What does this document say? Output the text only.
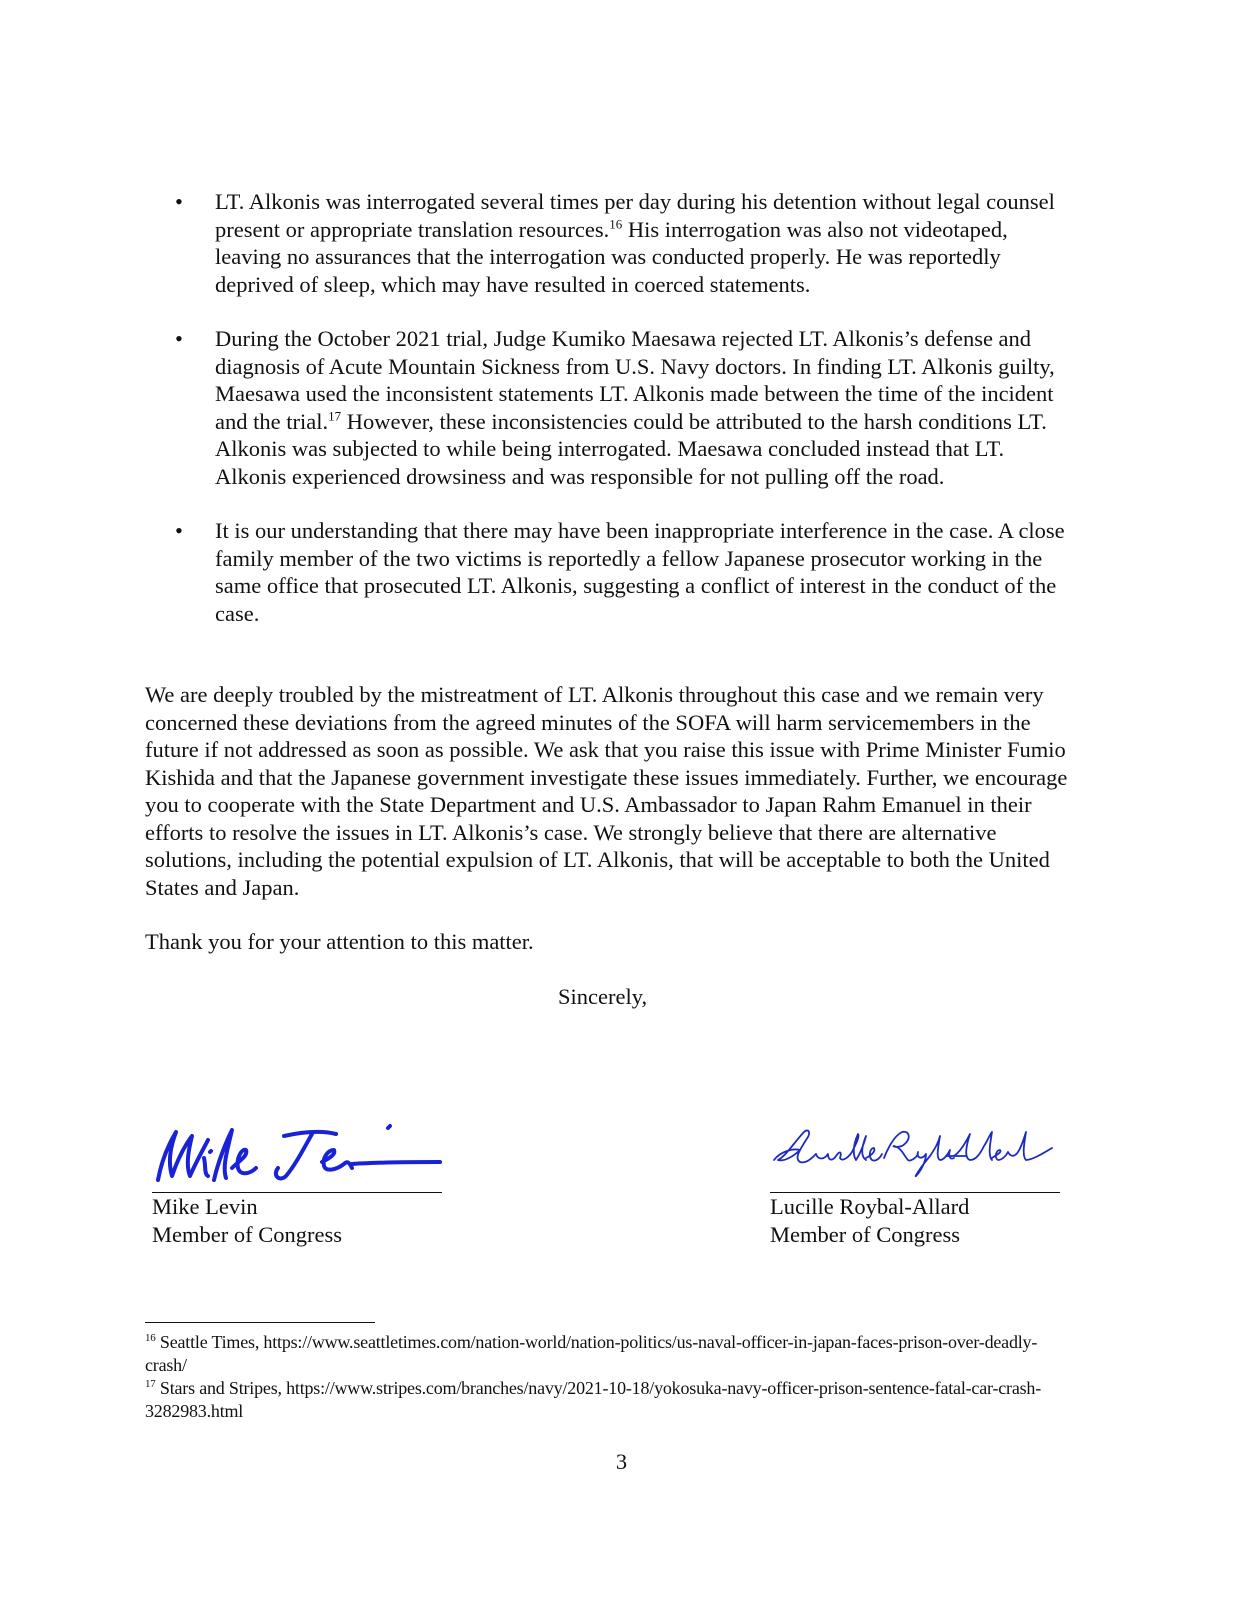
•	LT. Alkonis was interrogated several times per day during his detention without legal counsel present or appropriate translation resources.$^{16}$ His interrogation was also not videotaped, leaving no assurances that the interrogation was conducted properly. He was reportedly deprived of sleep, which may have resulted in coerced statements.
•	During the October 2021 trial, Judge Kumiko Maesawa rejected LT. Alkonis’s defense and diagnosis of Acute Mountain Sickness from U.S. Navy doctors. In finding LT. Alkonis guilty, Maesawa used the inconsistent statements LT. Alkonis made between the time of the incident and the trial.$^{17}$ However, these inconsistencies could be attributed to the harsh conditions LT. Alkonis was subjected to while being interrogated. Maesawa concluded instead that LT. Alkonis experienced drowsiness and was responsible for not pulling off the road.
•	It is our understanding that there may have been inappropriate interference in the case. A close family member of the two victims is reportedly a fellow Japanese prosecutor working in the same office that prosecuted LT. Alkonis, suggesting a conflict of interest in the conduct of the case.

We are deeply troubled by the mistreatment of LT. Alkonis throughout this case and we remain very concerned these deviations from the agreed minutes of the SOFA will harm servicemembers in the future if not addressed as soon as possible. We ask that you raise this issue with Prime Minister Fumio Kishida and that the Japanese government investigate these issues immediately. Further, we encourage you to cooperate with the State Department and U.S. Ambassador to Japan Rahm Emanuel in their efforts to resolve the issues in LT. Alkonis’s case. We strongly believe that there are alternative solutions, including the potential expulsion of LT. Alkonis, that will be acceptable to both the United States and Japan.

Thank you for your attention to this matter.

Sincerely,

Mike Levin
Member of Congress
Lucille Roybal-Allard
Member of Congress

$^{16}$ Seattle Times, https://www.seattletimes.com/nation-world/nation-politics/us-naval-officer-in-japan-faces-prison-over-deadly-crash/

$^{17}$ Stars and Stripes, https://www.stripes.com/branches/navy/2021-10-18/yokosuka-navy-officer-prison-sentence-fatal-car-crash-3282983.html

3
